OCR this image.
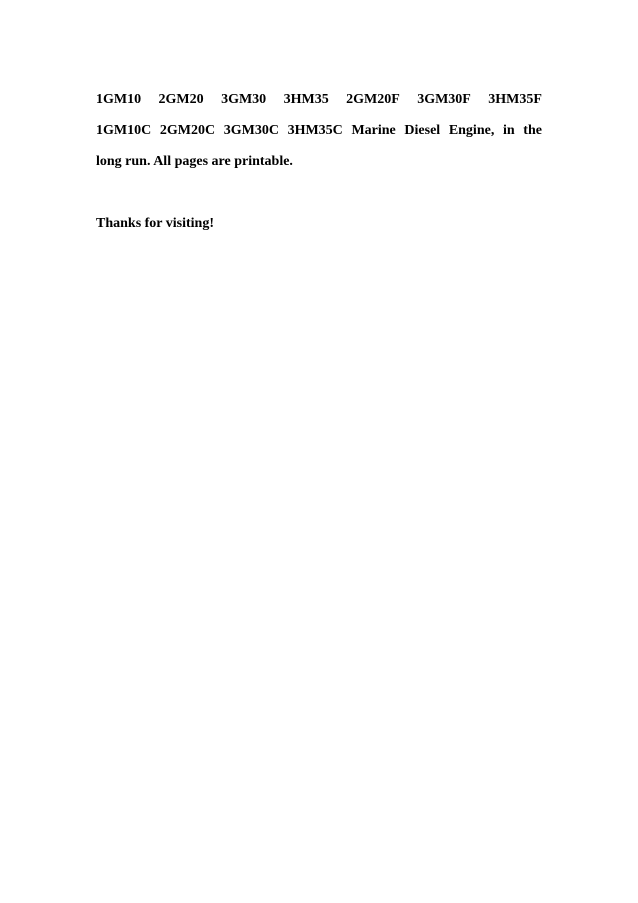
1GM10 2GM20 3GM30 3HM35 2GM20F 3GM30F 3HM35F
1GM10C 2GM20C 3GM30C 3HM35C Marine Diesel Engine, in the
long run. All pages are printable.
Thanks for visiting!
